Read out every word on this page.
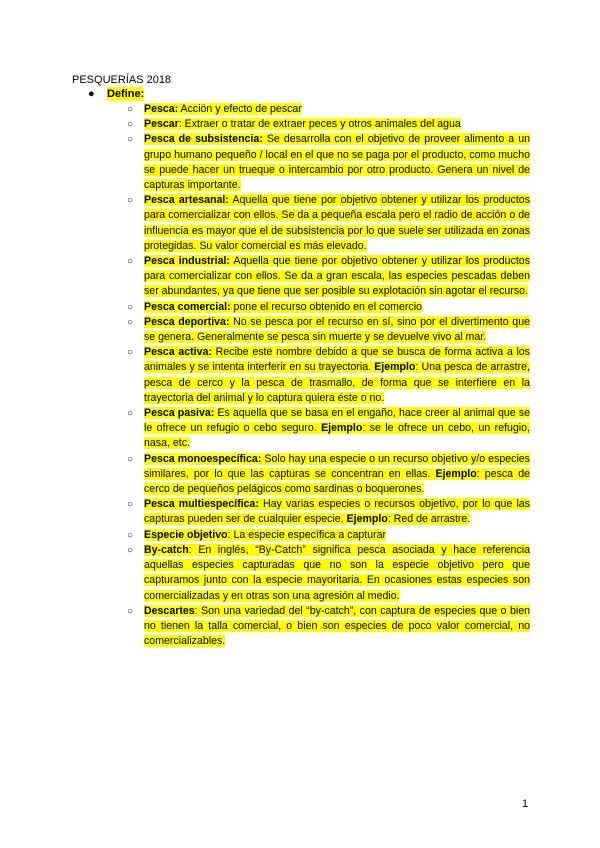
PESQUERÍAS 2018
●	Define:
○	Pesca: Acción y efecto de pescar
○	Pescar: Extraer o tratar de extraer peces y otros animales del agua
○	Pesca de subsistencia: Se desarrolla con el objetivo de proveer alimento a un grupo humano pequeño / local en el que no se paga por el producto, como mucho se puede hacer un trueque o intercambio por otro producto. Genera un nivel de capturas importante.
○	Pesca artesanal: Aquella que tiene por objetivo obtener y utilizar los productos para comercializar con ellos. Se da a pequeña escala pero el radio de acción o de influencia es mayor que el de subsistencia por lo que suele ser utilizada en zonas protegidas. Su valor comercial es más elevado.
○	Pesca industrial: Aquella que tiene por objetivo obtener y utilizar los productos para comercializar con ellos. Se da a gran escala, las especies pescadas deben ser abundantes, ya que tiene que ser posible su explotación sin agotar el recurso.
○	Pesca comercial: pone el recurso obtenido en el comercio
○	Pesca deportiva: No se pesca por el recurso en sí, sino por el divertimento que se genera. Generalmente se pesca sin muerte y se devuelve vivo al mar.
○	Pesca activa: Recibe este nombre debido a que se busca de forma activa a los animales y se intenta interferir en su trayectoria. Ejemplo: Una pesca de arrastre, pesca de cerco y la pesca de trasmallo, de forma que se interfiere en la trayectoria del animal y lo captura quiera éste o no.
○	Pesca pasiva: Es aquella que se basa en el engaño, hace creer al animal que se le ofrece un refugio o cebo seguro. Ejemplo: se le ofrece un cebo, un refugio, nasa, etc.
○	Pesca monoespecífica: Solo hay una especie o un recurso objetivo y/o especies similares, por lo que las capturas se concentran en ellas. Ejemplo: pesca de cerco de pequeños pelágicos como sardinas o boquerones.
○	Pesca multiespecífica: Hay varias especies o recursos objetivo, por lo que las capturas pueden ser de cualquier especie. Ejemplo: Red de arrastre.
○	Especie objetivo: La especie específica a capturar
○	By-catch: En inglés, “By-Catch” significa pesca asociada y hace referencia aquellas especies capturadas que no son la especie objetivo pero que capturamos junto con la especie mayoritaria. En ocasiones estas especies son comercializadas y en otras son una agresión al medio.
○	Descartes: Son una variedad del “by-catch”, con captura de especies que o bien no tienen la talla comercial, o bien son especies de poco valor comercial, no comercializables.
1
